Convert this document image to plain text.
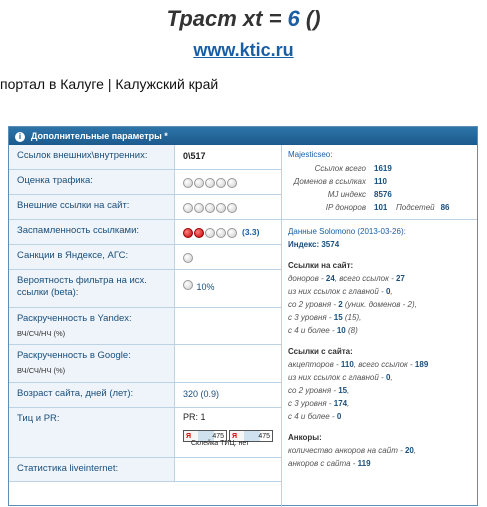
Траст xt = 6 ()
www.ktic.ru
портал в Калуге | Калужский край
i Дополнительные параметры *
Ссылок внешних\внутренних:	0\517
Оценка трафика:
Внешние ссылки на сайт:
Заспамленность ссылками:	(3.3)
Санкции в Яндексе, АГС:
Вероятность фильтра на исх. ссылки (beta):	10%
Раскрученность в Yandex:
ВЧ/СЧ/НЧ (%)
Раскрученность в Google:
ВЧ/СЧ/НЧ (%)
Возраст сайта, дней (лет):	320 (0.9)
Тиц и PR:	PR: 1
Я	475 Я	475
Склейка ТИЦ: нет
Статистика liveinternet:
Majesticseo:
Ссылок всего	1619
Доменов в ссылках	110
MJ индекс	8576
IP доноров	101	Подсетей 86
Данные Solomono (2013-03-26):
Индекс: 3574
Ссылки на сайт:
доноров - 24, всего ссылок - 27
из них ссылок с главной - 0,
со 2 уровня - 2 (уник. доменов - 2),
с 3 уровня - 15 (15),
с 4 и более - 10 (8)
Ссылки с сайта:
акцепторов - 110, всего ссылок - 189
из них ссылок с главной - 0,
со 2 уровня - 15,
с 3 уровня - 174,
с 4 и более - 0
Анкоры:
количество анкоров на сайт - 20,
анкоров с сайта - 119
